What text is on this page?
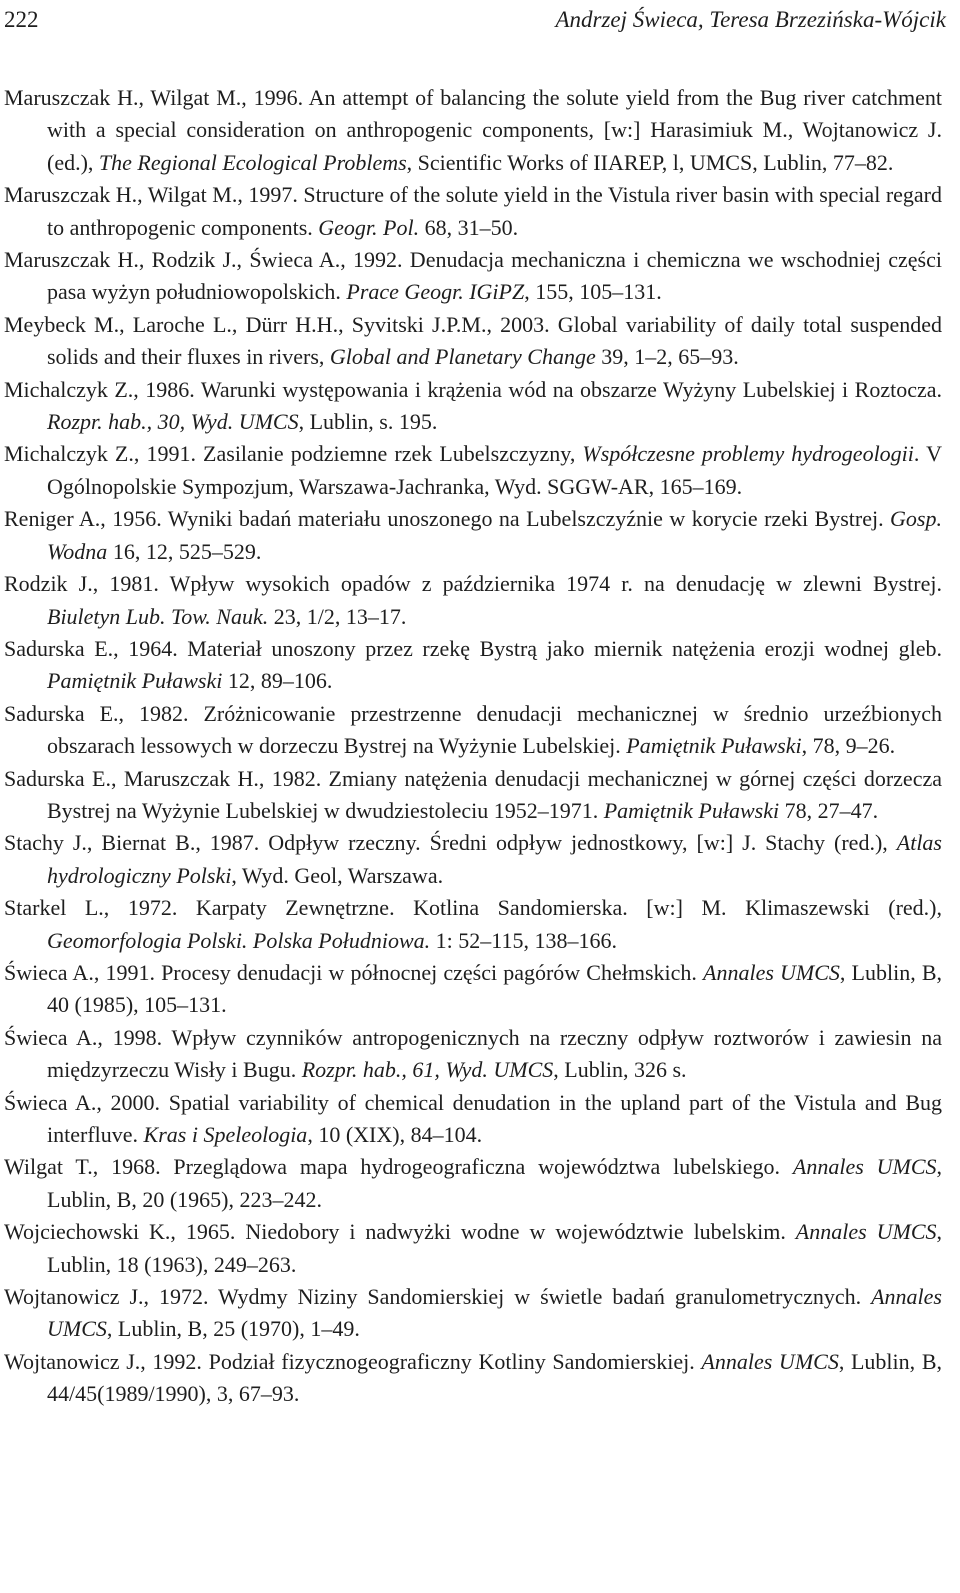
222	Andrzej Świeca, Teresa Brzezińska-Wójcik

Maruszczak H., Wilgat M., 1996. An attempt of balancing the solute yield from the Bug river catchment with a special consideration on anthropogenic components, [w:] Harasimiuk M., Wojtanowicz J. (ed.), The Regional Ecological Problems, Scientific Works of IIAREP, l, UMCS, Lublin, 77–82.

Maruszczak H., Wilgat M., 1997. Structure of the solute yield in the Vistula river basin with special regard to anthropogenic components. Geogr. Pol. 68, 31–50.

Maruszczak H., Rodzik J., Świeca A., 1992. Denudacja mechaniczna i chemiczna we wschodniej części pasa wyżyn południowopolskich. Prace Geogr. IGiPZ, 155, 105–131.

Meybeck M., Laroche L., Dürr H.H., Syvitski J.P.M., 2003. Global variability of daily total suspended solids and their fluxes in rivers, Global and Planetary Change 39, 1–2, 65–93.

Michalczyk Z., 1986. Warunki występowania i krążenia wód na obszarze Wyżyny Lubelskiej i Roztocza. Rozpr. hab., 30, Wyd. UMCS, Lublin, s. 195.

Michalczyk Z., 1991. Zasilanie podziemne rzek Lubelszczyzny, Współczesne problemy hydrogeologii. V Ogólnopolskie Sympozjum, Warszawa-Jachranka, Wyd. SGGW-AR, 165–169.

Reniger A., 1956. Wyniki badań materiału unoszonego na Lubelszczyźnie w korycie rzeki Bystrej. Gosp. Wodna 16, 12, 525–529.

Rodzik J., 1981. Wpływ wysokich opadów z października 1974 r. na denudację w zlewni Bystrej. Biuletyn Lub. Tow. Nauk. 23, 1/2, 13–17.

Sadurska E., 1964. Materiał unoszony przez rzekę Bystrą jako miernik natężenia erozji wodnej gleb. Pamiętnik Puławski 12, 89–106.

Sadurska E., 1982. Zróżnicowanie przestrzenne denudacji mechanicznej w średnio urzeźbionych obszarach lessowych w dorzeczu Bystrej na Wyżynie Lubelskiej. Pamiętnik Puławski, 78, 9–26.

Sadurska E., Maruszczak H., 1982. Zmiany natężenia denudacji mechanicznej w górnej części dorzecza Bystrej na Wyżynie Lubelskiej w dwudziestoleciu 1952–1971. Pamiętnik Puławski 78, 27–47.

Stachy J., Biernat B., 1987. Odpływ rzeczny. Średni odpływ jednostkowy, [w:] J. Stachy (red.), Atlas hydrologiczny Polski, Wyd. Geol, Warszawa.

Starkel L., 1972. Karpaty Zewnętrzne. Kotlina Sandomierska. [w:] M. Klimaszewski (red.), Geomorfologia Polski. Polska Południowa. 1: 52–115, 138–166.

Świeca A., 1991. Procesy denudacji w północnej części pagórów Chełmskich. Annales UMCS, Lublin, B, 40 (1985), 105–131.

Świeca A., 1998. Wpływ czynników antropogenicznych na rzeczny odpływ roztworów i zawiesin na międzyrzeczu Wisły i Bugu. Rozpr. hab., 61, Wyd. UMCS, Lublin, 326 s.

Świeca A., 2000. Spatial variability of chemical denudation in the upland part of the Vistula and Bug interfluve. Kras i Speleologia, 10 (XIX), 84–104.

Wilgat T., 1968. Przeglądowa mapa hydrogeograficzna województwa lubelskiego. Annales UMCS, Lublin, B, 20 (1965), 223–242.

Wojciechowski K., 1965. Niedobory i nadwyżki wodne w województwie lubelskim. Annales UMCS, Lublin, 18 (1963), 249–263.

Wojtanowicz J., 1972. Wydmy Niziny Sandomierskiej w świetle badań granulometrycznych. Annales UMCS, Lublin, B, 25 (1970), 1–49.

Wojtanowicz J., 1992. Podział fizycznogeograficzny Kotliny Sandomierskiej. Annales UMCS, Lublin, B, 44/45(1989/1990), 3, 67–93.
